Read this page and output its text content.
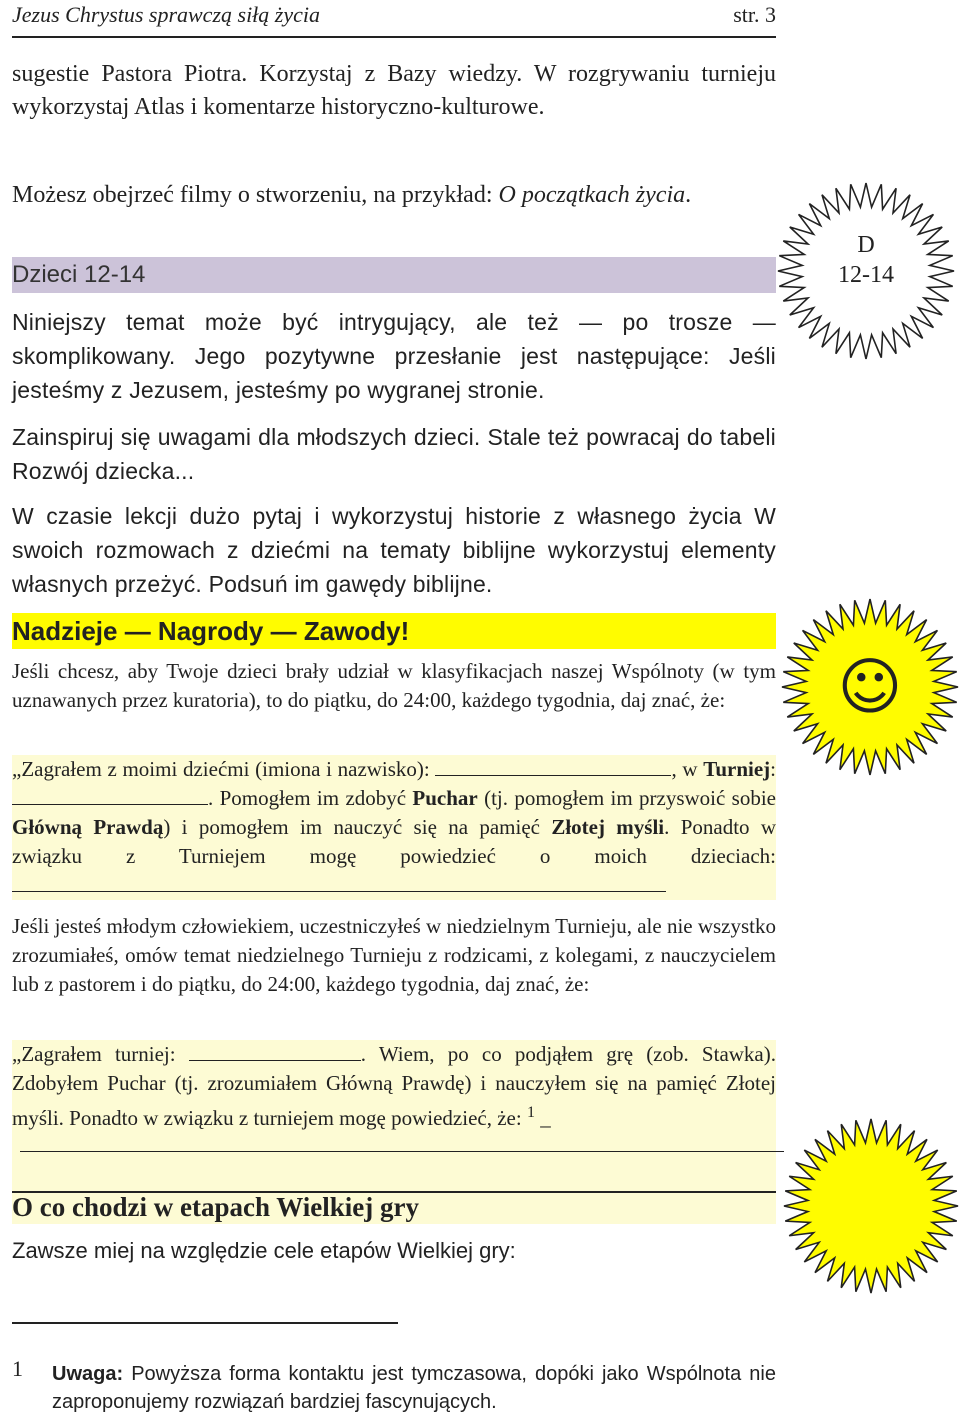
Jezus Chrystus sprawczą siłą życia	str. 3
sugestie Pastora Piotra. Korzystaj z Bazy wiedzy. W rozgrywaniu turnieju wykorzystaj Atlas i komentarze historyczno-kulturowe.
Możesz obejrzeć filmy o stworzeniu, na przykład: O początkach życia.
Dzieci 12-14
Niniejszy temat może być intrygujący, ale też — po trosze — skomplikowany. Jego pozytywne przesłanie jest następujące: Jeśli jesteśmy z Jezusem, jesteśmy po wygranej stronie.
Zainspiruj się uwagami dla młodszych dzieci. Stale też powracaj do tabeli Rozwój dziecka...
W czasie lekcji dużo pytaj i wykorzystuj historie z własnego życia W swoich rozmowach z dziećmi na tematy biblijne wykorzystuj elementy własnych przeżyć. Podsuń im gawędy biblijne.
Nadzieje — Nagrody — Zawody!
Jeśli chcesz, aby Twoje dzieci brały udział w klasyfikacjach naszej Wspólnoty (w tym uznawanych przez kuratoria), to do piątku, do 24:00, każdego tygodnia, daj znać, że:
„Zagrałem z moimi dziećmi (imiona i nazwisko):	, w Turniej: . Pomogłem im zdobyć Puchar (tj. pomogłem im przyswoić sobie Główną Prawdą) i pomogłem im nauczyć się na pamięć Złotej myśli. Ponadto w związku z Turniejem mogę powiedzieć o moich dzieciach:
Jeśli jesteś młodym człowiekiem, uczestniczyłeś w niedzielnym Turnieju, ale nie wszystko zrozumiałeś, omów temat niedzielnego Turnieju z rodzicami, z kolegami, z nauczycielem lub z pastorem i do piątku, do 24:00, każdego tygodnia, daj znać, że:
„Zagrałem turniej:	. Wiem, po co podjąłem grę (zob. Stawka). Zdobyłem Puchar (tj. zrozumiałem Główną Prawdę) i nauczyłem się na pamięć Złotej myśli. Ponadto w związku z turniejem mogę powiedzieć, że: $^1$ _
O co chodzi w etapach Wielkiej gry
Zawsze miej na względzie cele etapów Wielkiej gry:
1 Uwaga: Powyższa forma kontaktu jest tymczasowa, dopóki jako Wspólnota nie zaproponujemy rozwiązań bardziej fascynujących.
D
12-14
☺
